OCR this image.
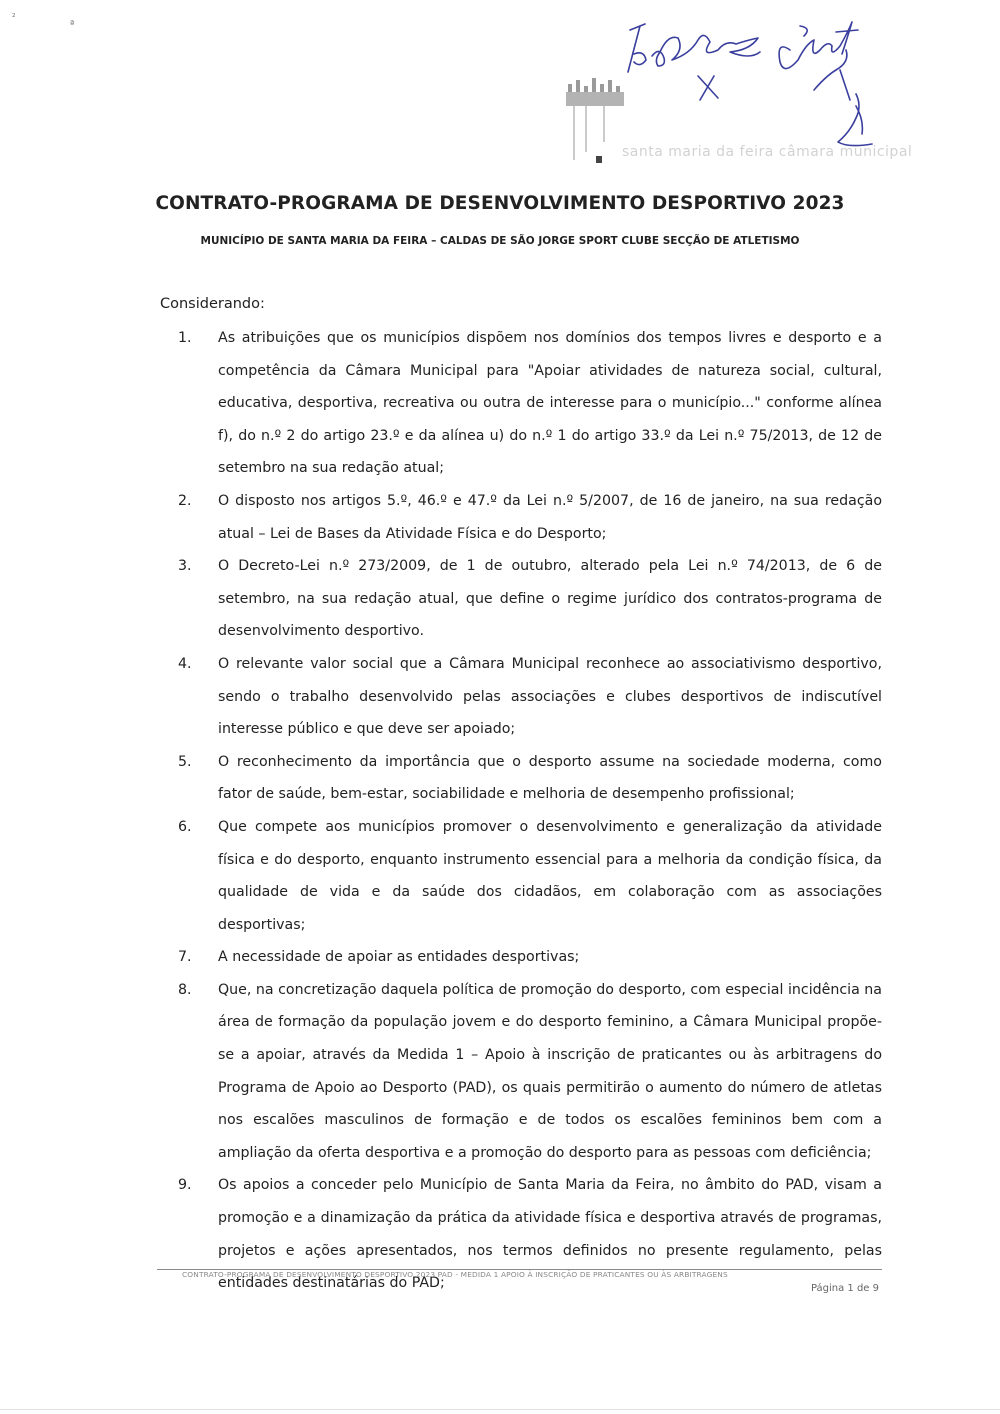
²
ª
santa maria da feira câmara municipal
CONTRATO-PROGRAMA DE DESENVOLVIMENTO DESPORTIVO 2023
MUNICÍPIO DE SANTA MARIA DA FEIRA – CALDAS DE SÃO JORGE SPORT CLUBE SECÇÃO DE ATLETISMO
Considerando:
1.	As atribuições que os municípios dispõem nos domínios dos tempos livres e desporto e a competência da Câmara Municipal para "Apoiar atividades de natureza social, cultural, educativa, desportiva, recreativa ou outra de interesse para o município..." conforme alínea f), do n.º 2 do artigo 23.º e da alínea u) do n.º 1 do artigo 33.º da Lei n.º 75/2013, de 12 de setembro na sua redação atual;
2.	O disposto nos artigos 5.º, 46.º e 47.º da Lei n.º 5/2007, de 16 de janeiro, na sua redação atual – Lei de Bases da Atividade Física e do Desporto;
3.	O Decreto-Lei n.º 273/2009, de 1 de outubro, alterado pela Lei n.º 74/2013, de 6 de setembro, na sua redação atual, que define o regime jurídico dos contratos-programa de desenvolvimento desportivo.
4.	O relevante valor social que a Câmara Municipal reconhece ao associativismo desportivo, sendo o trabalho desenvolvido pelas associações e clubes desportivos de indiscutível interesse público e que deve ser apoiado;
5.	O reconhecimento da importância que o desporto assume na sociedade moderna, como fator de saúde, bem-estar, sociabilidade e melhoria de desempenho profissional;
6.	Que compete aos municípios promover o desenvolvimento e generalização da atividade física e do desporto, enquanto instrumento essencial para a melhoria da condição física, da qualidade de vida e da saúde dos cidadãos, em colaboração com as associações desportivas;
7.	A necessidade de apoiar as entidades desportivas;
8.	Que, na concretização daquela política de promoção do desporto, com especial incidência na área de formação da população jovem e do desporto feminino, a Câmara Municipal propõe-se a apoiar, através da Medida 1 – Apoio à inscrição de praticantes ou às arbitragens do Programa de Apoio ao Desporto (PAD), os quais permitirão o aumento do número de atletas nos escalões masculinos de formação e de todos os escalões femininos bem com a ampliação da oferta desportiva e a promoção do desporto para as pessoas com deficiência;
9.	Os apoios a conceder pelo Município de Santa Maria da Feira, no âmbito do PAD, visam a promoção e a dinamização da prática da atividade física e desportiva através de programas, projetos e ações apresentados, nos termos definidos no presente regulamento, pelas entidades destinatárias do PAD;
CONTRATO-PROGRAMA DE DESENVOLVIMENTO DESPORTIVO 2023 PAD - MEDIDA 1 APOIO À INSCRIÇÃO DE PRATICANTES OU ÀS ARBITRAGENS
Página 1 de 9
